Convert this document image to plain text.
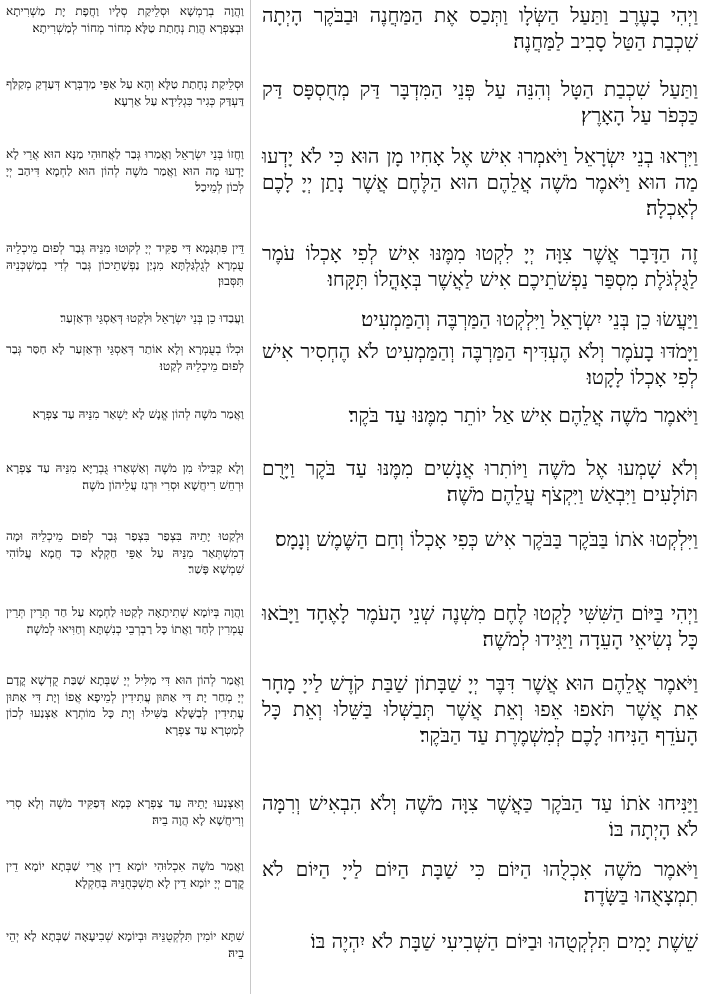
וַיְהִי בָעֶרֶב וַתַּעַל הַשְּׂלָו וַתְּכַס אֶת הַמַּחֲנֶה וּבַבֹּקֶר הָיְתָה שִׁכְבַת הַטַּל סָבִיב לַמַּחֲנֶה׃
וַהֲוָה בְרַמְשָׁא וּסְלֵיקַת סְלָיו וַחֲפָת יָת מַשְׁרִיתָא וּבְצַפְרָא הֲוַת נְחָתַת טַלָּא מְחוֹר מְחוֹר לְמַשְׁרִיתָא׃
וַתַּעַל שִׁכְבַת הַטָּל וְהִנֵּה עַל פְּנֵי הַמִּדְבָּר דַּק מְחֻסְפָּס דַּק כַּכְּפֹר עַל הָאָרֶץ׃
וּסְלֵיקַת נְחָתַת טַלָּא וְהָא עַל אַפֵּי מַדְבְּרָא דְּעַדְקַ מְקַלַּף דַּעְדַּק כְּגִיר כִּגְלִידָא עַל אַרְעָא׃
וַיִּרְאוּ בְנֵי יִשְׂרָאֵל וַיֹּאמְרוּ אִישׁ אֶל אָחִיו מָן הוּא כִּי לֹא יָדְעוּ מַה הוּא וַיֹּאמֶר מֹשֶׁה אֲלֵהֶם הוּא הַלֶּחֶם אֲשֶׁר נָתַן יְיָ לָכֶם לְאָכְלָה׃
וַחֲזוֹ בְּנֵי יִשְׂרָאֵל וַאֲמַרוּ גְּבַר לַאֲחוּהִי מַנָּא הוּא אֲרֵי לָא יָדְעוּ מָה הוּא וַאֲמַר מֹשֶׁה לְהוֹן הוּא לַחְמָא דִּיהַב יְיָ לְכוֹן לְמֵיכַל׃
זֶה הַדָּבָר אֲשֶׁר צִוָּה יְיָ לִקְטוּ מִמֶּנּוּ אִישׁ לְפִי אָכְלוֹ עֹמֶר לַגֻּלְגֹּלֶת מִסְפַּר נַפְשֹׁתֵיכֶם אִישׁ לַאֲשֶׁר בְּאָהֳלוֹ תִּקָּחוּ׃
דֵּין פִּתְגָּמָא דִּי פַקִּיד יְיָ לְקוּטוּ מִנֵּיהּ גְּבַר לְפוּם מֵיכְלֵיהּ עֻמְרָא לְגֻלְגַּלְתָּא מִנְיַן נַפְשָׁתֵיכוֹן גְּבַר לְדִי בְמַשְׁכְּנֵיהּ תִּסְּבוּן׃
וַיַּעֲשׂוּ כֵן בְּנֵי יִשְׂרָאֵל וַיִּלְקְטוּ הַמַּרְבֶּה וְהַמַּמְעִיט׃
וַעֲבַדוּ כֵן בְּנֵי יִשְׂרָאֵל וּלְקַטוּ דְּאַסְגֵּי וּדְאַזְעַר׃
וַיָּמֹדּוּ בָעֹמֶר וְלֹא הֶעְדִּיף הַמַּרְבֶּה וְהַמַּמְעִיט לֹא הֶחְסִיר אִישׁ לְפִי אָכְלוֹ לָקָטוּ׃
וּכְלוֹ בְעֻמְרָא וְלָא אוֹתַר דְּאַסְגֵּי וּדְאַזְעַר לָא חַסַּר גְּבַר לְפוּם מֵיכְלֵיהּ לְקַטוּ׃
וַיֹּאמֶר מֹשֶׁה אֲלֵהֶם אִישׁ אַל יוֹתֵר מִמֶּנּוּ עַד בֹּקֶר׃
וַאֲמַר מֹשֶׁה לְהוֹן אֱנָשׁ לָא יַשְׁאַר מִנֵּיהּ עַד צַפְרָא׃
וְלֹא שָׁמְעוּ אֶל מֹשֶׁה וַיּוֹתִרוּ אֲנָשִׁים מִמֶּנּוּ עַד בֹּקֶר וַיָּרֻם תּוֹלָעִים וַיִּבְאַשׁ וַיִּקְצֹף עֲלֵהֶם מֹשֶׁה׃
וְלָא קַבִּילוּ מִן מֹשֶׁה וְאַשְׁאַרוּ גֻּבְרַיָּא מִנֵּיהּ עַד צַפְרָא וּרְחֵשׁ רִיחֲשָׁא וּסְרִי וּרְגַז עֲלֵיהוֹן מֹשֶׁה׃
וַיִּלְקְטוּ אֹתוֹ בַּבֹּקֶר בַּבֹּקֶר אִישׁ כְּפִי אָכְלוֹ וְחַם הַשֶּׁמֶשׁ וְנָמָס׃
וּלְקַטוּ יָתֵיהּ בִּצְפַר בִּצְפַר גְּבַר לְפוּם מֵיכְלֵיהּ וּמָה דְמִשְׁתְּאַר מִנֵּיהּ עַל אַפֵּי חַקְלָא כַּד חֲמָא עֲלוֹהִי שִׁמְשָׁא פָּשַׁר׃
וַיְהִי בַּיּוֹם הַשִּׁשִּׁי לָקְטוּ לֶחֶם מִשְׁנֶה שְׁנֵי הָעֹמֶר לָאֶחָד וַיָּבֹאוּ כָּל נְשִׂיאֵי הָעֵדָה וַיַּגִּידוּ לְמֹשֶׁה׃
וַהֲוָה בְּיוֹמָא שְׁתִיתָאָה לְקַטוּ לַחְמָא עַל חַד תְּרֵין תְּרֵין עֻמְרִין לְחַד וַאֲתוֹ כָּל רַבְרְבֵי כְנִשְׁתָּא וְחַוִּיאוּ לְמֹשֶׁה׃
וַיֹּאמֶר אֲלֵהֶם הוּא אֲשֶׁר דִּבֶּר יְיָ שַׁבָּתוֹן שַׁבַּת קֹדֶשׁ לַייָ מָחָר אֵת אֲשֶׁר תֹּאפוּ אֵפוּ וְאֵת אֲשֶׁר תְּבַשְּׁלוּ בַּשֵּׁלוּ וְאֵת כָּל הָעֹדֵף הַנִּיחוּ לָכֶם לְמִשְׁמֶרֶת עַד הַבֹּקֶר׃
וַאֲמַר לְהוֹן הוּא דִּי מַלִּיל יְיָ שַׁבְּתָא שַׁבַּת קֻדְשָׁא קֳדָם יְיָ מְחַר יָת דִּי אַתּוּן עֲתִידִין לְמֵיפָא אֲפוֹ וְיָת דִּי אַתּוּן עֲתִידִין לְבַשָּׁלָא בַּשִּׁילוּ וְיָת כָּל מוֹתְרָא אַצְנַעוּ לְכוֹן לְמַטְרָא עַד צַפְרָא׃
וַיַּנִּיחוּ אֹתוֹ עַד הַבֹּקֶר כַּאֲשֶׁר צִוָּה מֹשֶׁה וְלֹא הִבְאִישׁ וְרִמָּה לֹא הָיְתָה בּוֹ׃
וְאַצְנַעוּ יָתֵיהּ עַד צַפְרָא כְּמָא דְּפַקִּיד מֹשֶׁה וְלָא סְרִי וְרִיחֲשָׁא לָא הֲוָה בֵיהּ׃
וַיֹּאמֶר מֹשֶׁה אִכְלֻהוּ הַיּוֹם כִּי שַׁבָּת הַיּוֹם לַייָ הַיּוֹם לֹא תִמְצָאֻהוּ בַּשָּׂדֶה׃
וַאֲמַר מֹשֶׁה אִכְלוּהִי יוֹמָא דֵין אֲרֵי שַׁבְּתָא יוֹמָא דֵין קֳדָם יְיָ יוֹמָא דֵין לָא תַשְׁכְּחֻנֵּיהּ בְּחַקְלָא׃
שֵׁשֶׁת יָמִים תִּלְקְטֻהוּ וּבַיּוֹם הַשְּׁבִיעִי שַׁבָּת לֹא יִהְיֶה בּוֹ׃
שִׁתָּא יוֹמִין תִּלְקְטֻנֵּיהּ וּבְיוֹמָא שְׁבִיעָאָה שַׁבְּתָא לָא יְהֵי בֵיהּ׃
